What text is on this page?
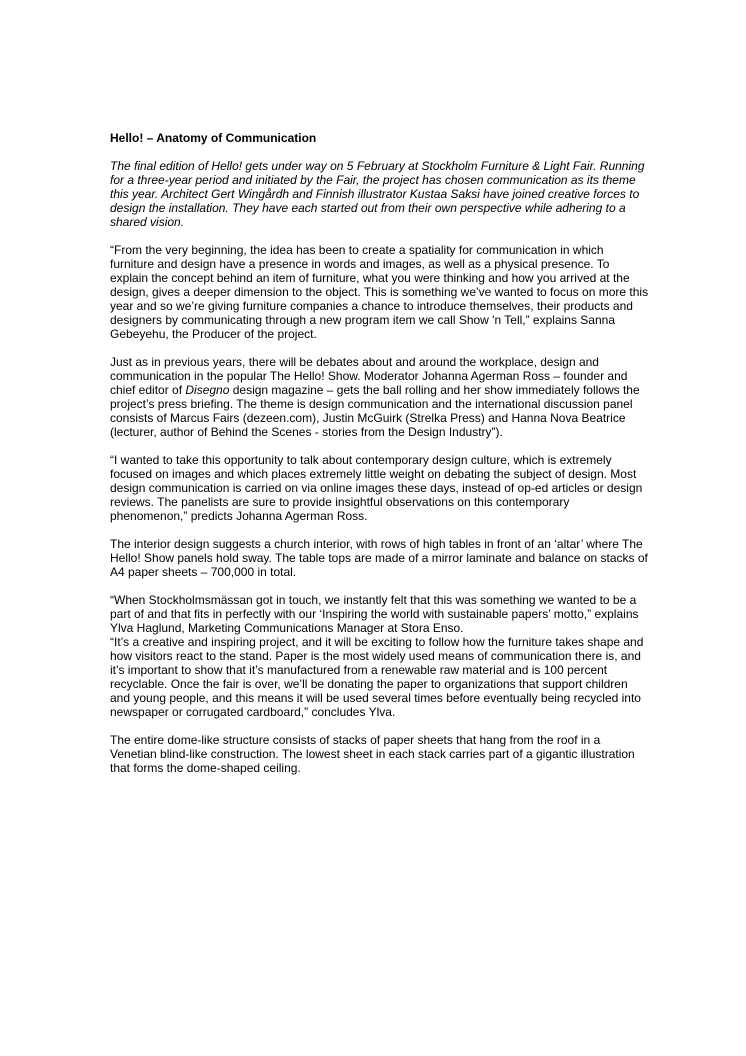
Hello! – Anatomy of Communication
The final edition of Hello! gets under way on 5 February at Stockholm Furniture & Light Fair. Running for a three-year period and initiated by the Fair, the project has chosen communication as its theme this year. Architect Gert Wingårdh and Finnish illustrator Kustaa Saksi have joined creative forces to design the installation. They have each started out from their own perspective while adhering to a shared vision.
“From the very beginning, the idea has been to create a spatiality for communication in which furniture and design have a presence in words and images, as well as a physical presence. To explain the concept behind an item of furniture, what you were thinking and how you arrived at the design, gives a deeper dimension to the object. This is something we’ve wanted to focus on more this year and so we’re giving furniture companies a chance to introduce themselves, their products and designers by communicating through a new program item we call Show 'n Tell,” explains Sanna Gebeyehu, the Producer of the project.
Just as in previous years, there will be debates about and around the workplace, design and communication in the popular The Hello! Show. Moderator Johanna Agerman Ross – founder and chief editor of Disegno design magazine – gets the ball rolling and her show immediately follows the project’s press briefing. The theme is design communication and the international discussion panel consists of Marcus Fairs (dezeen.com), Justin McGuirk (Strelka Press) and Hanna Nova Beatrice (lecturer, author of Behind the Scenes - stories from the Design Industry”).
“I wanted to take this opportunity to talk about contemporary design culture, which is extremely focused on images and which places extremely little weight on debating the subject of design. Most design communication is carried on via online images these days, instead of op-ed articles or design reviews. The panelists are sure to provide insightful observations on this contemporary phenomenon,” predicts Johanna Agerman Ross.
The interior design suggests a church interior, with rows of high tables in front of an ‘altar’ where The Hello! Show panels hold sway. The table tops are made of a mirror laminate and balance on stacks of A4 paper sheets – 700,000 in total.
“When Stockholmsmässan got in touch, we instantly felt that this was something we wanted to be a part of and that fits in perfectly with our ‘Inspiring the world with sustainable papers’ motto,” explains Ylva Haglund, Marketing Communications Manager at Stora Enso.
“It’s a creative and inspiring project, and it will be exciting to follow how the furniture takes shape and how visitors react to the stand. Paper is the most widely used means of communication there is, and it’s important to show that it’s manufactured from a renewable raw material and is 100 percent recyclable. Once the fair is over, we’ll be donating the paper to organizations that support children and young people, and this means it will be used several times before eventually being recycled into newspaper or corrugated cardboard,” concludes Ylva.
The entire dome-like structure consists of stacks of paper sheets that hang from the roof in a Venetian blind-like construction. The lowest sheet in each stack carries part of a gigantic illustration that forms the dome-shaped ceiling.
